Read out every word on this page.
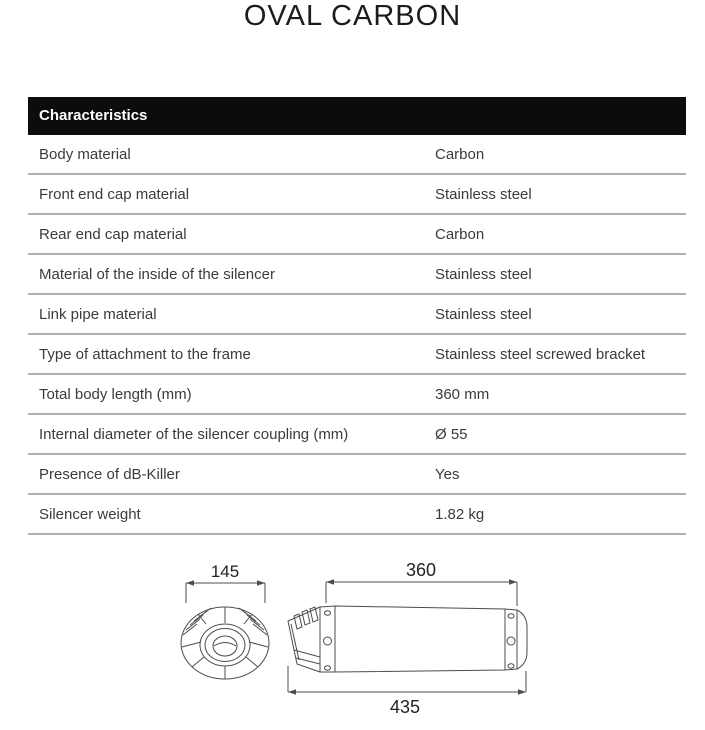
OVAL CARBON
Characteristics
Body material	Carbon
Front end cap material	Stainless steel
Rear end cap material	Carbon
Material of the inside of the silencer	Stainless steel
Link pipe material	Stainless steel
Type of attachment to the frame	Stainless steel screwed bracket
Total body length (mm)	360 mm
Internal diameter of the silencer coupling (mm)	Ø 55
Presence of dB-Killer	Yes
Silencer weight	1.82 kg
145	360
435
